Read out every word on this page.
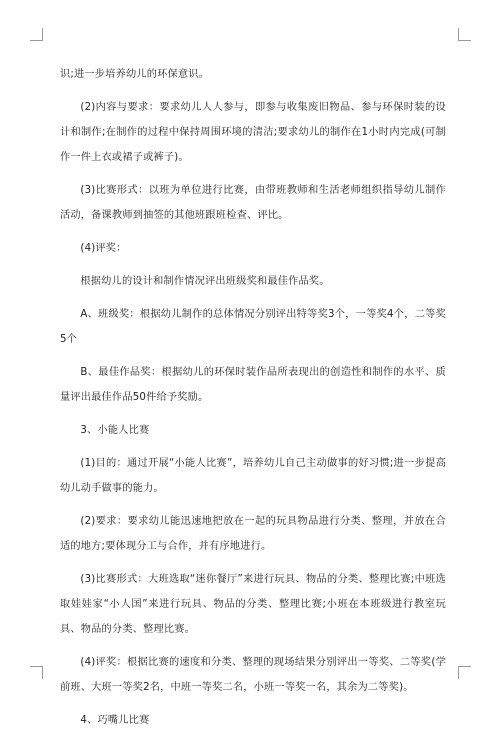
识;进一步培养幼儿的环保意识。

(2)内容与要求：要求幼儿人人参与，即参与收集废旧物品、参与环保时装的设计和制作;在制作的过程中保持周围环境的清洁;要求幼儿的制作在1小时内完成(可制作一件上衣或裙子或裤子)。

(3)比赛形式：以班为单位进行比赛，由带班教师和生活老师组织指导幼儿制作活动，备课教师到抽签的其他班跟班检查、评比。

(4)评奖：

根据幼儿的设计和制作情况评出班级奖和最佳作品奖。

A、班级奖：根据幼儿制作的总体情况分别评出特等奖3个，一等奖4个，二等奖5个

B、最佳作品奖：根据幼儿的环保时装作品所表现出的创造性和制作的水平、质量评出最佳作品50件给予奖励。

3、小能人比赛

(1)目的：通过开展“小能人比赛”，培养幼儿自己主动做事的好习惯;进一步提高幼儿动手做事的能力。

(2)要求：要求幼儿能迅速地把放在一起的玩具物品进行分类、整理，并放在合适的地方;要体现分工与合作，并有序地进行。

(3)比赛形式：大班选取“迷你餐厅”来进行玩具、物品的分类、整理比赛;中班选取娃娃家“小人国”来进行玩具、物品的分类、整理比赛;小班在本班级进行教室玩具、物品的分类、整理比赛。

(4)评奖：根据比赛的速度和分类、整理的现场结果分别评出一等奖、二等奖(学前班、大班一等奖2名，中班一等奖二名，小班一等奖一名，其余为二等奖)。

4、巧嘴儿比赛
